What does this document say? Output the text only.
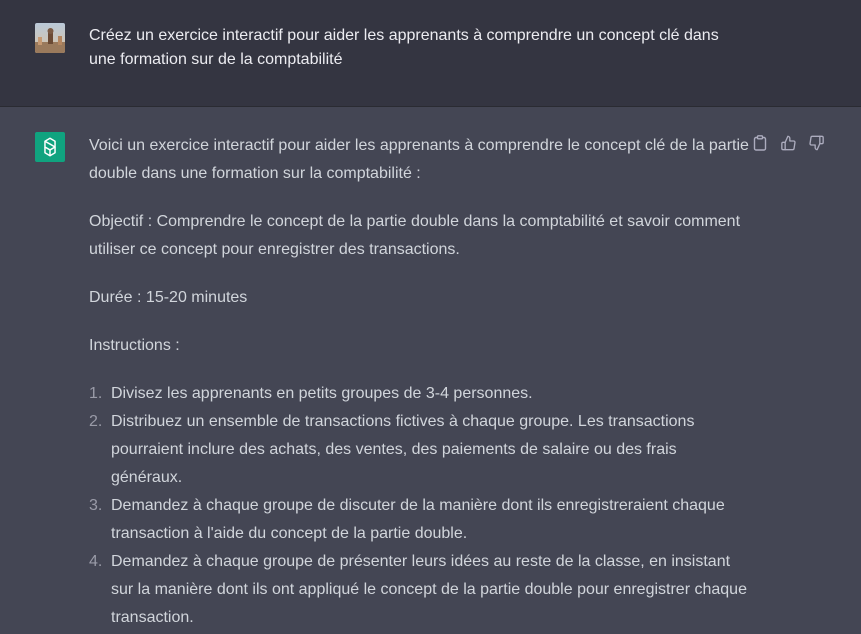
Créez un exercice interactif pour aider les apprenants à comprendre un concept clé dans une formation sur de la comptabilité

Voici un exercice interactif pour aider les apprenants à comprendre le concept clé de la partie double dans une formation sur la comptabilité :

Objectif : Comprendre le concept de la partie double dans la comptabilité et savoir comment utiliser ce concept pour enregistrer des transactions.

Durée : 15-20 minutes

Instructions :

1. Divisez les apprenants en petits groupes de 3-4 personnes.
2. Distribuez un ensemble de transactions fictives à chaque groupe. Les transactions pourraient inclure des achats, des ventes, des paiements de salaire ou des frais généraux.
3. Demandez à chaque groupe de discuter de la manière dont ils enregistreraient chaque transaction à l'aide du concept de la partie double.
4. Demandez à chaque groupe de présenter leurs idées au reste de la classe, en insistant sur la manière dont ils ont appliqué le concept de la partie double pour enregistrer chaque transaction.
